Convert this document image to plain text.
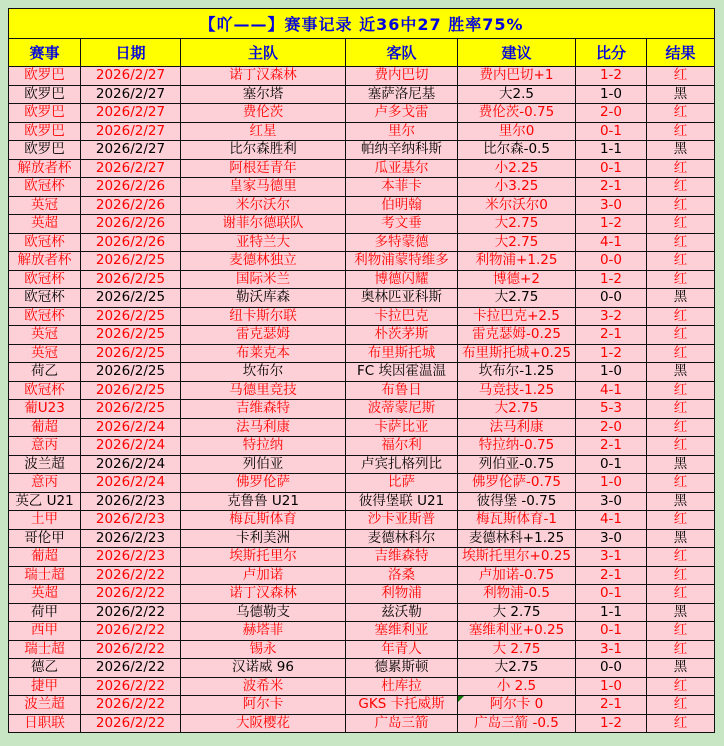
【吖——】赛事记录 近36中27 胜率75%						
赛事	日期	主队	客队	建议	比分	结果
欧罗巴	2026/2/27	诺丁汉森林	费内巴切	费内巴切+1	1-2	红
欧罗巴	2026/2/27	塞尔塔	塞萨洛尼基	大2.5	1-0	黑
欧罗巴	2026/2/27	费伦茨	卢多戈雷	费伦茨-0.75	2-0	红
欧罗巴	2026/2/27	红星	里尔	里尔0	0-1	红
欧罗巴	2026/2/27	比尔森胜利	帕纳辛纳科斯	比尔森-0.5	1-1	黑
解放者杯	2026/2/27	阿根廷青年	瓜亚基尔	小2.25	0-1	红
欧冠杯	2026/2/26	皇家马德里	本菲卡	小3.25	2-1	红
英冠	2026/2/26	米尔沃尔	伯明翰	米尔沃尔0	3-0	红
英超	2026/2/26	谢菲尔德联队	考文垂	大2.75	1-2	红
欧冠杯	2026/2/26	亚特兰大	多特蒙德	大2.75	4-1	红
解放者杯	2026/2/25	麦德林独立	利物浦蒙特维多	利物浦+1.25	0-0	红
欧冠杯	2026/2/25	国际米兰	博德闪耀	博德+2	1-2	红
欧冠杯	2026/2/25	勒沃库森	奥林匹亚科斯	大2.75	0-0	黑
欧冠杯	2026/2/25	纽卡斯尔联	卡拉巴克	卡拉巴克+2.5	3-2	红
英冠	2026/2/25	雷克瑟姆	朴茨茅斯	雷克瑟姆-0.25	2-1	红
英冠	2026/2/25	布莱克本	布里斯托城	布里斯托城+0.25	1-2	红
荷乙	2026/2/25	坎布尔	FC 埃因霍温温	坎布尔-1.25	1-0	黑
欧冠杯	2026/2/25	马德里竞技	布鲁日	马竞技-1.25	4-1	红
葡U23	2026/2/25	吉维森特	波蒂蒙尼斯	大2.75	5-3	红
葡超	2026/2/24	法马利康	卡萨比亚	法马利康	2-0	红
意丙	2026/2/24	特拉纳	福尔利	特拉纳-0.75	2-1	红
波兰超	2026/2/24	列伯亚	卢宾扎格列比	列伯亚-0.75	0-1	黑
意丙	2026/2/24	佛罗伦萨	比萨	佛罗伦萨-0.75	1-0	红
英乙 U21	2026/2/23	克鲁鲁 U21	彼得堡联 U21	彼得堡 -0.75	3-0	黑
土甲	2026/2/23	梅瓦斯体育	沙卡亚斯普	梅瓦斯体育-1	4-1	红
哥伦甲	2026/2/23	卡利美洲	麦德林科尔	麦德林科+1.25	3-0	黑
葡超	2026/2/23	埃斯托里尔	吉维森特	埃斯托里尔+0.25	3-1	红
瑞士超	2026/2/22	卢加诺	洛桑	卢加诺-0.75	2-1	红
英超	2026/2/22	诺丁汉森林	利物浦	利物浦-0.5	0-1	红
荷甲	2026/2/22	乌德勒支	兹沃勒	大 2.75	1-1	黑
西甲	2026/2/22	赫塔菲	塞维利亚	塞维利亚+0.25	0-1	红
瑞士超	2026/2/22	锡永	年青人	大 2.75	3-1	红
德乙	2026/2/22	汉诺威 96	德累斯顿	大2.75	0-0	黑
捷甲	2026/2/22	波希米	杜库拉	小 2.5	1-0	红
波兰超	2026/2/22	阿尔卡	GKS 卡托威斯	阿尔卡 0	2-1	红
日职联	2026/2/22	大阪樱花	广岛三箭	广岛三箭 -0.5	1-2	红
